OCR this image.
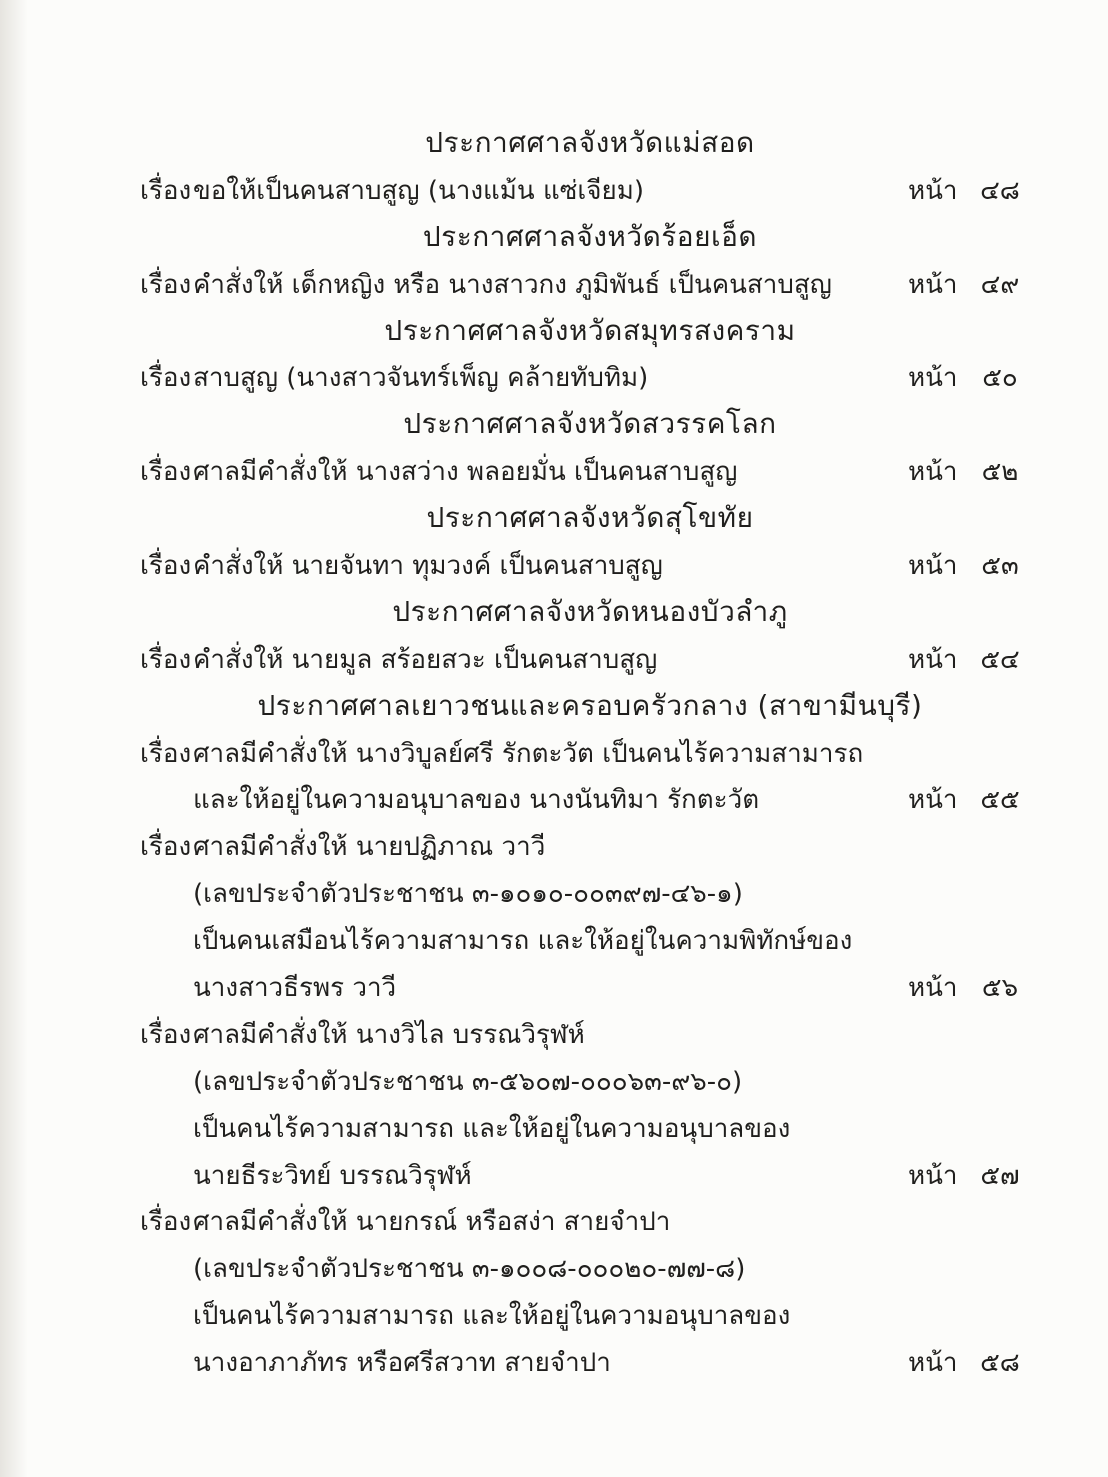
ประกาศศาลจังหวัดแม่สอด
เรื่อง ขอให้เป็นคนสาบสูญ (นางแม้น แซ่เจียม)	หน้า ๔๘
ประกาศศาลจังหวัดร้อยเอ็ด
เรื่อง คำสั่งให้ เด็กหญิง หรือ นางสาวกง ภูมิพันธ์ เป็นคนสาบสูญ	หน้า ๔๙
ประกาศศาลจังหวัดสมุทรสงคราม
เรื่อง สาบสูญ (นางสาวจันทร์เพ็ญ คล้ายทับทิม)	หน้า ๕๐
ประกาศศาลจังหวัดสวรรคโลก
เรื่อง ศาลมีคำสั่งให้ นางสว่าง พลอยมั่น เป็นคนสาบสูญ	หน้า ๕๒
ประกาศศาลจังหวัดสุโขทัย
เรื่อง คำสั่งให้ นายจันทา ทุมวงค์ เป็นคนสาบสูญ	หน้า ๕๓
ประกาศศาลจังหวัดหนองบัวลำภู
เรื่อง คำสั่งให้ นายมูล สร้อยสวะ เป็นคนสาบสูญ	หน้า ๕๔
ประกาศศาลเยาวชนและครอบครัวกลาง (สาขามีนบุรี)
เรื่อง ศาลมีคำสั่งให้ นางวิบูลย์ศรี รักตะวัต เป็นคนไร้ความสามารถ
และให้อยู่ในความอนุบาลของ นางนันทิมา รักตะวัต	หน้า ๕๕
เรื่อง ศาลมีคำสั่งให้ นายปฏิภาณ วาวี
(เลขประจำตัวประชาชน ๓-๑๐๑๐-๐๐๓๙๗-๔๖-๑)
เป็นคนเสมือนไร้ความสามารถ และให้อยู่ในความพิทักษ์ของ
นางสาวธีรพร วาวี	หน้า ๕๖
เรื่อง ศาลมีคำสั่งให้ นางวิไล บรรณวิรุฬห์
(เลขประจำตัวประชาชน ๓-๕๖๐๗-๐๐๐๖๓-๙๖-๐)
เป็นคนไร้ความสามารถ และให้อยู่ในความอนุบาลของ
นายธีระวิทย์ บรรณวิรุฬห์	หน้า ๕๗
เรื่อง ศาลมีคำสั่งให้ นายกรณ์ หรือสง่า สายจำปา
(เลขประจำตัวประชาชน ๓-๑๐๐๘-๐๐๐๒๐-๗๗-๘)
เป็นคนไร้ความสามารถ และให้อยู่ในความอนุบาลของ
นางอาภาภัทร หรือศรีสวาท สายจำปา	หน้า ๕๘
